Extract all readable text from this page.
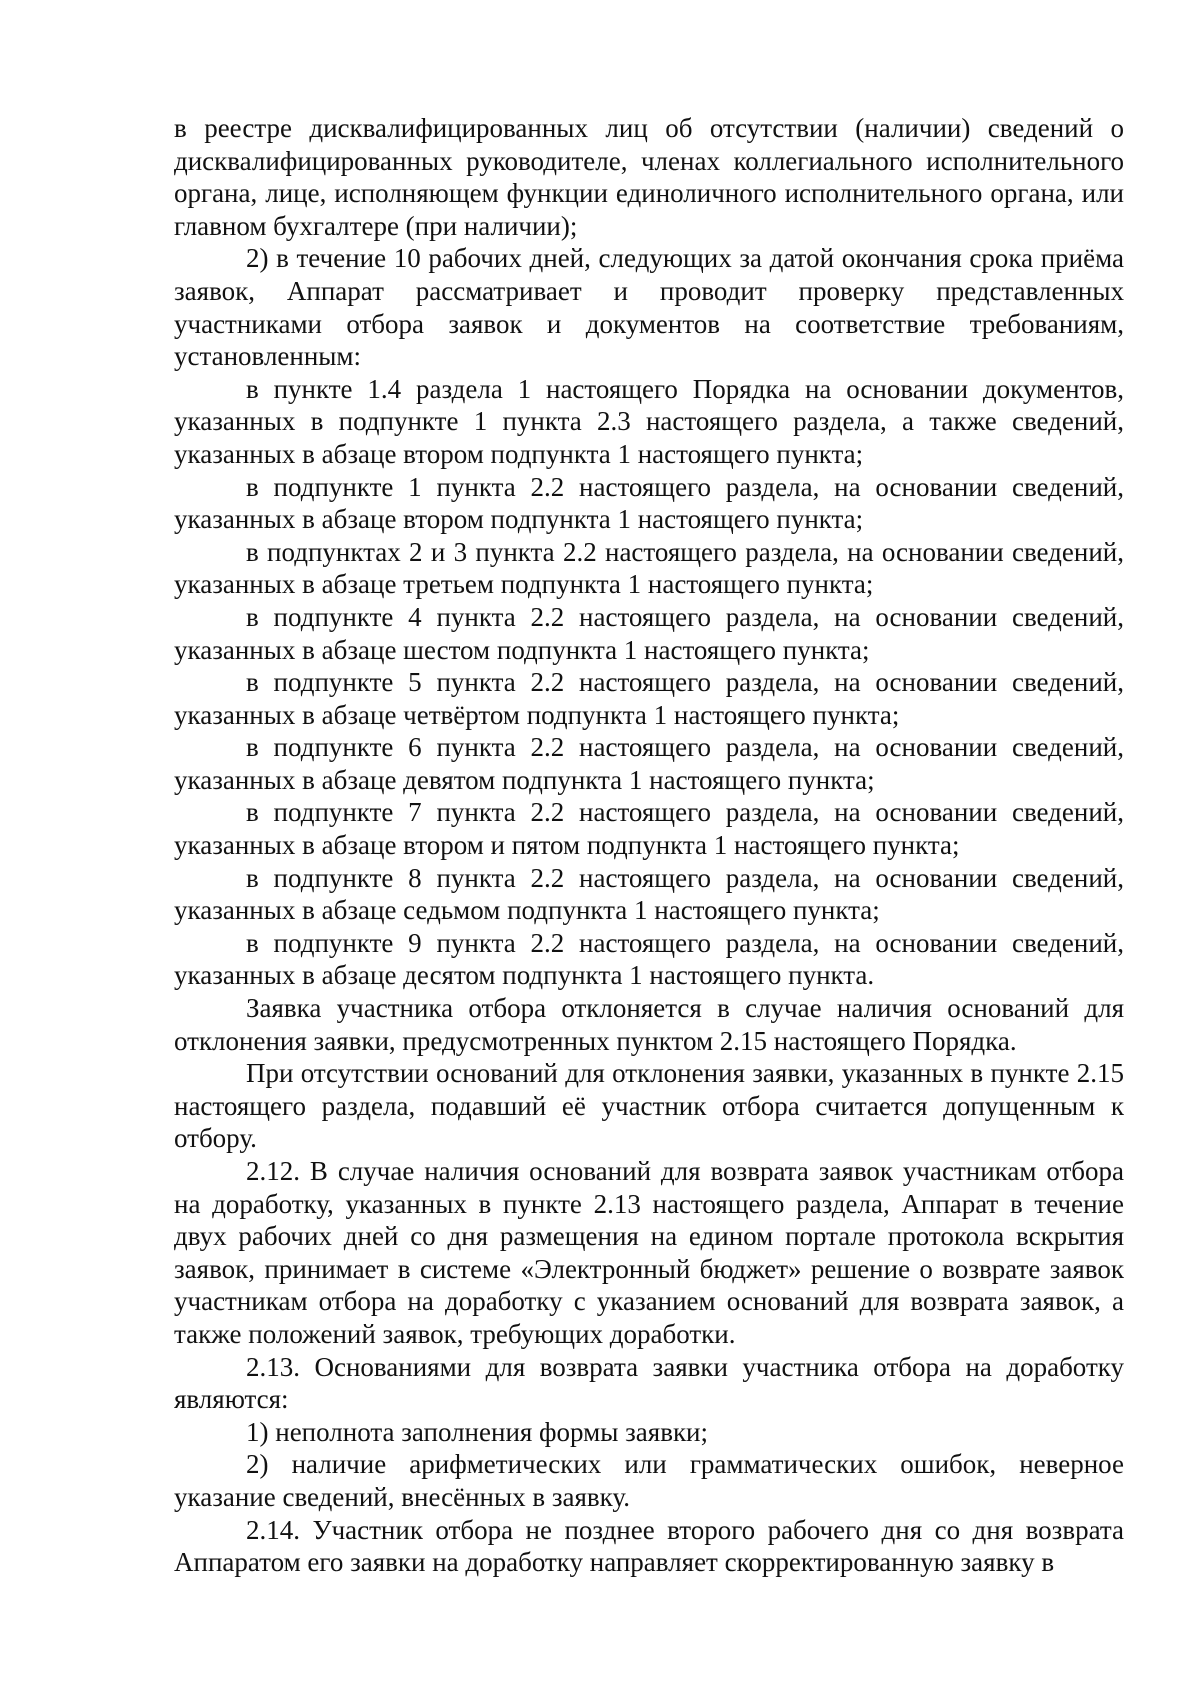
в реестре дисквалифицированных лиц об отсутствии (наличии) сведений о дисквалифицированных руководителе, членах коллегиального исполнительного органа, лице, исполняющем функции единоличного исполнительного органа, или главном бухгалтере (при наличии);

2) в течение 10 рабочих дней, следующих за датой окончания срока приёма заявок, Аппарат рассматривает и проводит проверку представленных участниками отбора заявок и документов на соответствие требованиям, установленным:

в пункте 1.4 раздела 1 настоящего Порядка на основании документов, указанных в подпункте 1 пункта 2.3 настоящего раздела, а также сведений, указанных в абзаце втором подпункта 1 настоящего пункта;

в подпункте 1 пункта 2.2 настоящего раздела, на основании сведений, указанных в абзаце втором подпункта 1 настоящего пункта;

в подпунктах 2 и 3 пункта 2.2 настоящего раздела, на основании сведений, указанных в абзаце третьем подпункта 1 настоящего пункта;

в подпункте 4 пункта 2.2 настоящего раздела, на основании сведений, указанных в абзаце шестом подпункта 1 настоящего пункта;

в подпункте 5 пункта 2.2 настоящего раздела, на основании сведений, указанных в абзаце четвёртом подпункта 1 настоящего пункта;

в подпункте 6 пункта 2.2 настоящего раздела, на основании сведений, указанных в абзаце девятом подпункта 1 настоящего пункта;

в подпункте 7 пункта 2.2 настоящего раздела, на основании сведений, указанных в абзаце втором и пятом подпункта 1 настоящего пункта;

в подпункте 8 пункта 2.2 настоящего раздела, на основании сведений, указанных в абзаце седьмом подпункта 1 настоящего пункта;

в подпункте 9 пункта 2.2 настоящего раздела, на основании сведений, указанных в абзаце десятом подпункта 1 настоящего пункта.

Заявка участника отбора отклоняется в случае наличия оснований для отклонения заявки, предусмотренных пунктом 2.15 настоящего Порядка.

При отсутствии оснований для отклонения заявки, указанных в пункте 2.15 настоящего раздела, подавший её участник отбора считается допущенным к отбору.

2.12. В случае наличия оснований для возврата заявок участникам отбора на доработку, указанных в пункте 2.13 настоящего раздела, Аппарат в течение двух рабочих дней со дня размещения на едином портале протокола вскрытия заявок, принимает в системе «Электронный бюджет» решение о возврате заявок участникам отбора на доработку с указанием оснований для возврата заявок, а также положений заявок, требующих доработки.

2.13. Основаниями для возврата заявки участника отбора на доработку являются:

1) неполнота заполнения формы заявки;

2) наличие арифметических или грамматических ошибок, неверное указание сведений, внесённых в заявку.

2.14. Участник отбора не позднее второго рабочего дня со дня возврата Аппаратом его заявки на доработку направляет скорректированную заявку в
